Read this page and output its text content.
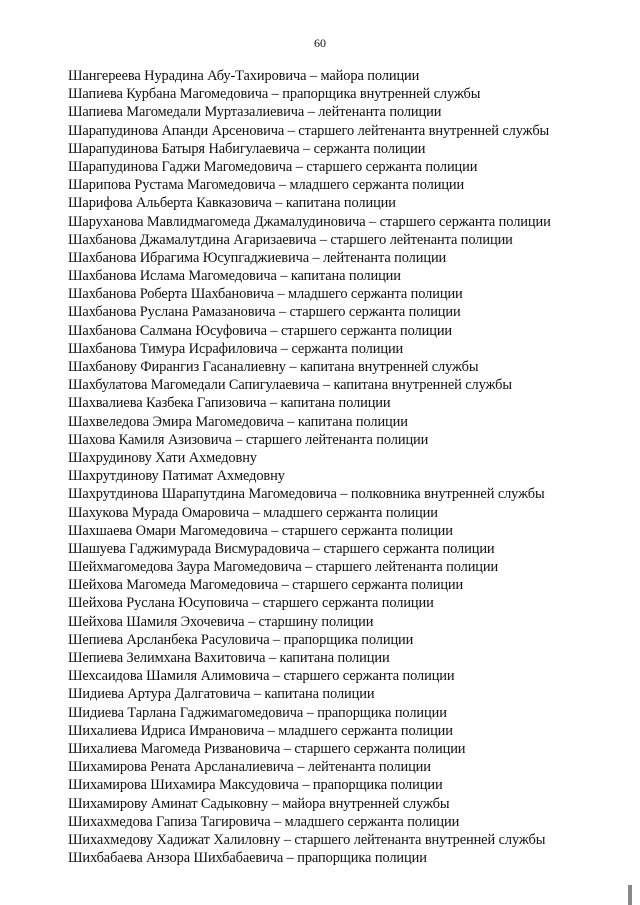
60
Шангереева Нурадина Абу-Тахировича – майора полиции
Шапиева Курбана Магомедовича – прапорщика внутренней службы
Шапиева Магомедали Муртазалиевича – лейтенанта полиции
Шарапудинова Апанди Арсеновича – старшего лейтенанта внутренней службы
Шарапудинова Батыря Набигулаевича – сержанта полиции
Шарапудинова Гаджи Магомедовича – старшего сержанта полиции
Шарипова Рустама Магомедовича – младшего сержанта полиции
Шарифова Альберта Кавказовича – капитана полиции
Шаруханова Мавлидмагомеда Джамалудиновича – старшего сержанта полиции
Шахбанова Джамалутдина Агаризаевича – старшего лейтенанта полиции
Шахбанова Ибрагима Юсупгаджиевича – лейтенанта полиции
Шахбанова Ислама Магомедовича – капитана полиции
Шахбанова Роберта Шахбановича – младшего сержанта полиции
Шахбанова Руслана Рамазановича – старшего сержанта полиции
Шахбанова Салмана Юсуфовича – старшего сержанта полиции
Шахбанова Тимура Исрафиловича – сержанта полиции
Шахбанову Фирангиз Гасаналиевну – капитана внутренней службы
Шахбулатова Магомедали Сапигулаевича – капитана внутренней службы
Шахвалиева Казбека Гапизовича – капитана полиции
Шахвеледова Эмира Магомедовича – капитана полиции
Шахова Камиля Азизовича – старшего лейтенанта полиции
Шахрудинову Хати Ахмедовну
Шахрутдинову Патимат Ахмедовну
Шахрутдинова Шарапутдина Магомедовича – полковника внутренней службы
Шахукова Мурада Омаровича – младшего сержанта полиции
Шахшаева Омари Магомедовича – старшего сержанта полиции
Шашуева Гаджимурада Висмурадовича – старшего сержанта полиции
Шейхмагомедова Заура Магомедовича – старшего лейтенанта полиции
Шейхова Магомеда Магомедовича – старшего сержанта полиции
Шейхова Руслана Юсуповича – старшего сержанта полиции
Шейхова Шамиля Эхочевича – старшину полиции
Шепиева Арсланбека Расуловича – прапорщика полиции
Шепиева Зелимхана Вахитовича – капитана полиции
Шехсаидова Шамиля Алимовича – старшего сержанта полиции
Шидиева Артура Далгатовича – капитана полиции
Шидиева Тарлана Гаджимагомедовича – прапорщика полиции
Шихалиева Идриса Имрановича – младшего сержанта полиции
Шихалиева Магомеда Ризвановича – старшего сержанта полиции
Шихамирова Рената Арсланалиевича – лейтенанта полиции
Шихамирова Шихамира Максудовича – прапорщика полиции
Шихамирову Аминат Садыковну – майора внутренней службы
Шихахмедова Гапиза Тагировича – младшего сержанта полиции
Шихахмедову Хадижат Халиловну – старшего лейтенанта внутренней службы
Шихбабаева Анзора Шихбабаевича – прапорщика полиции
